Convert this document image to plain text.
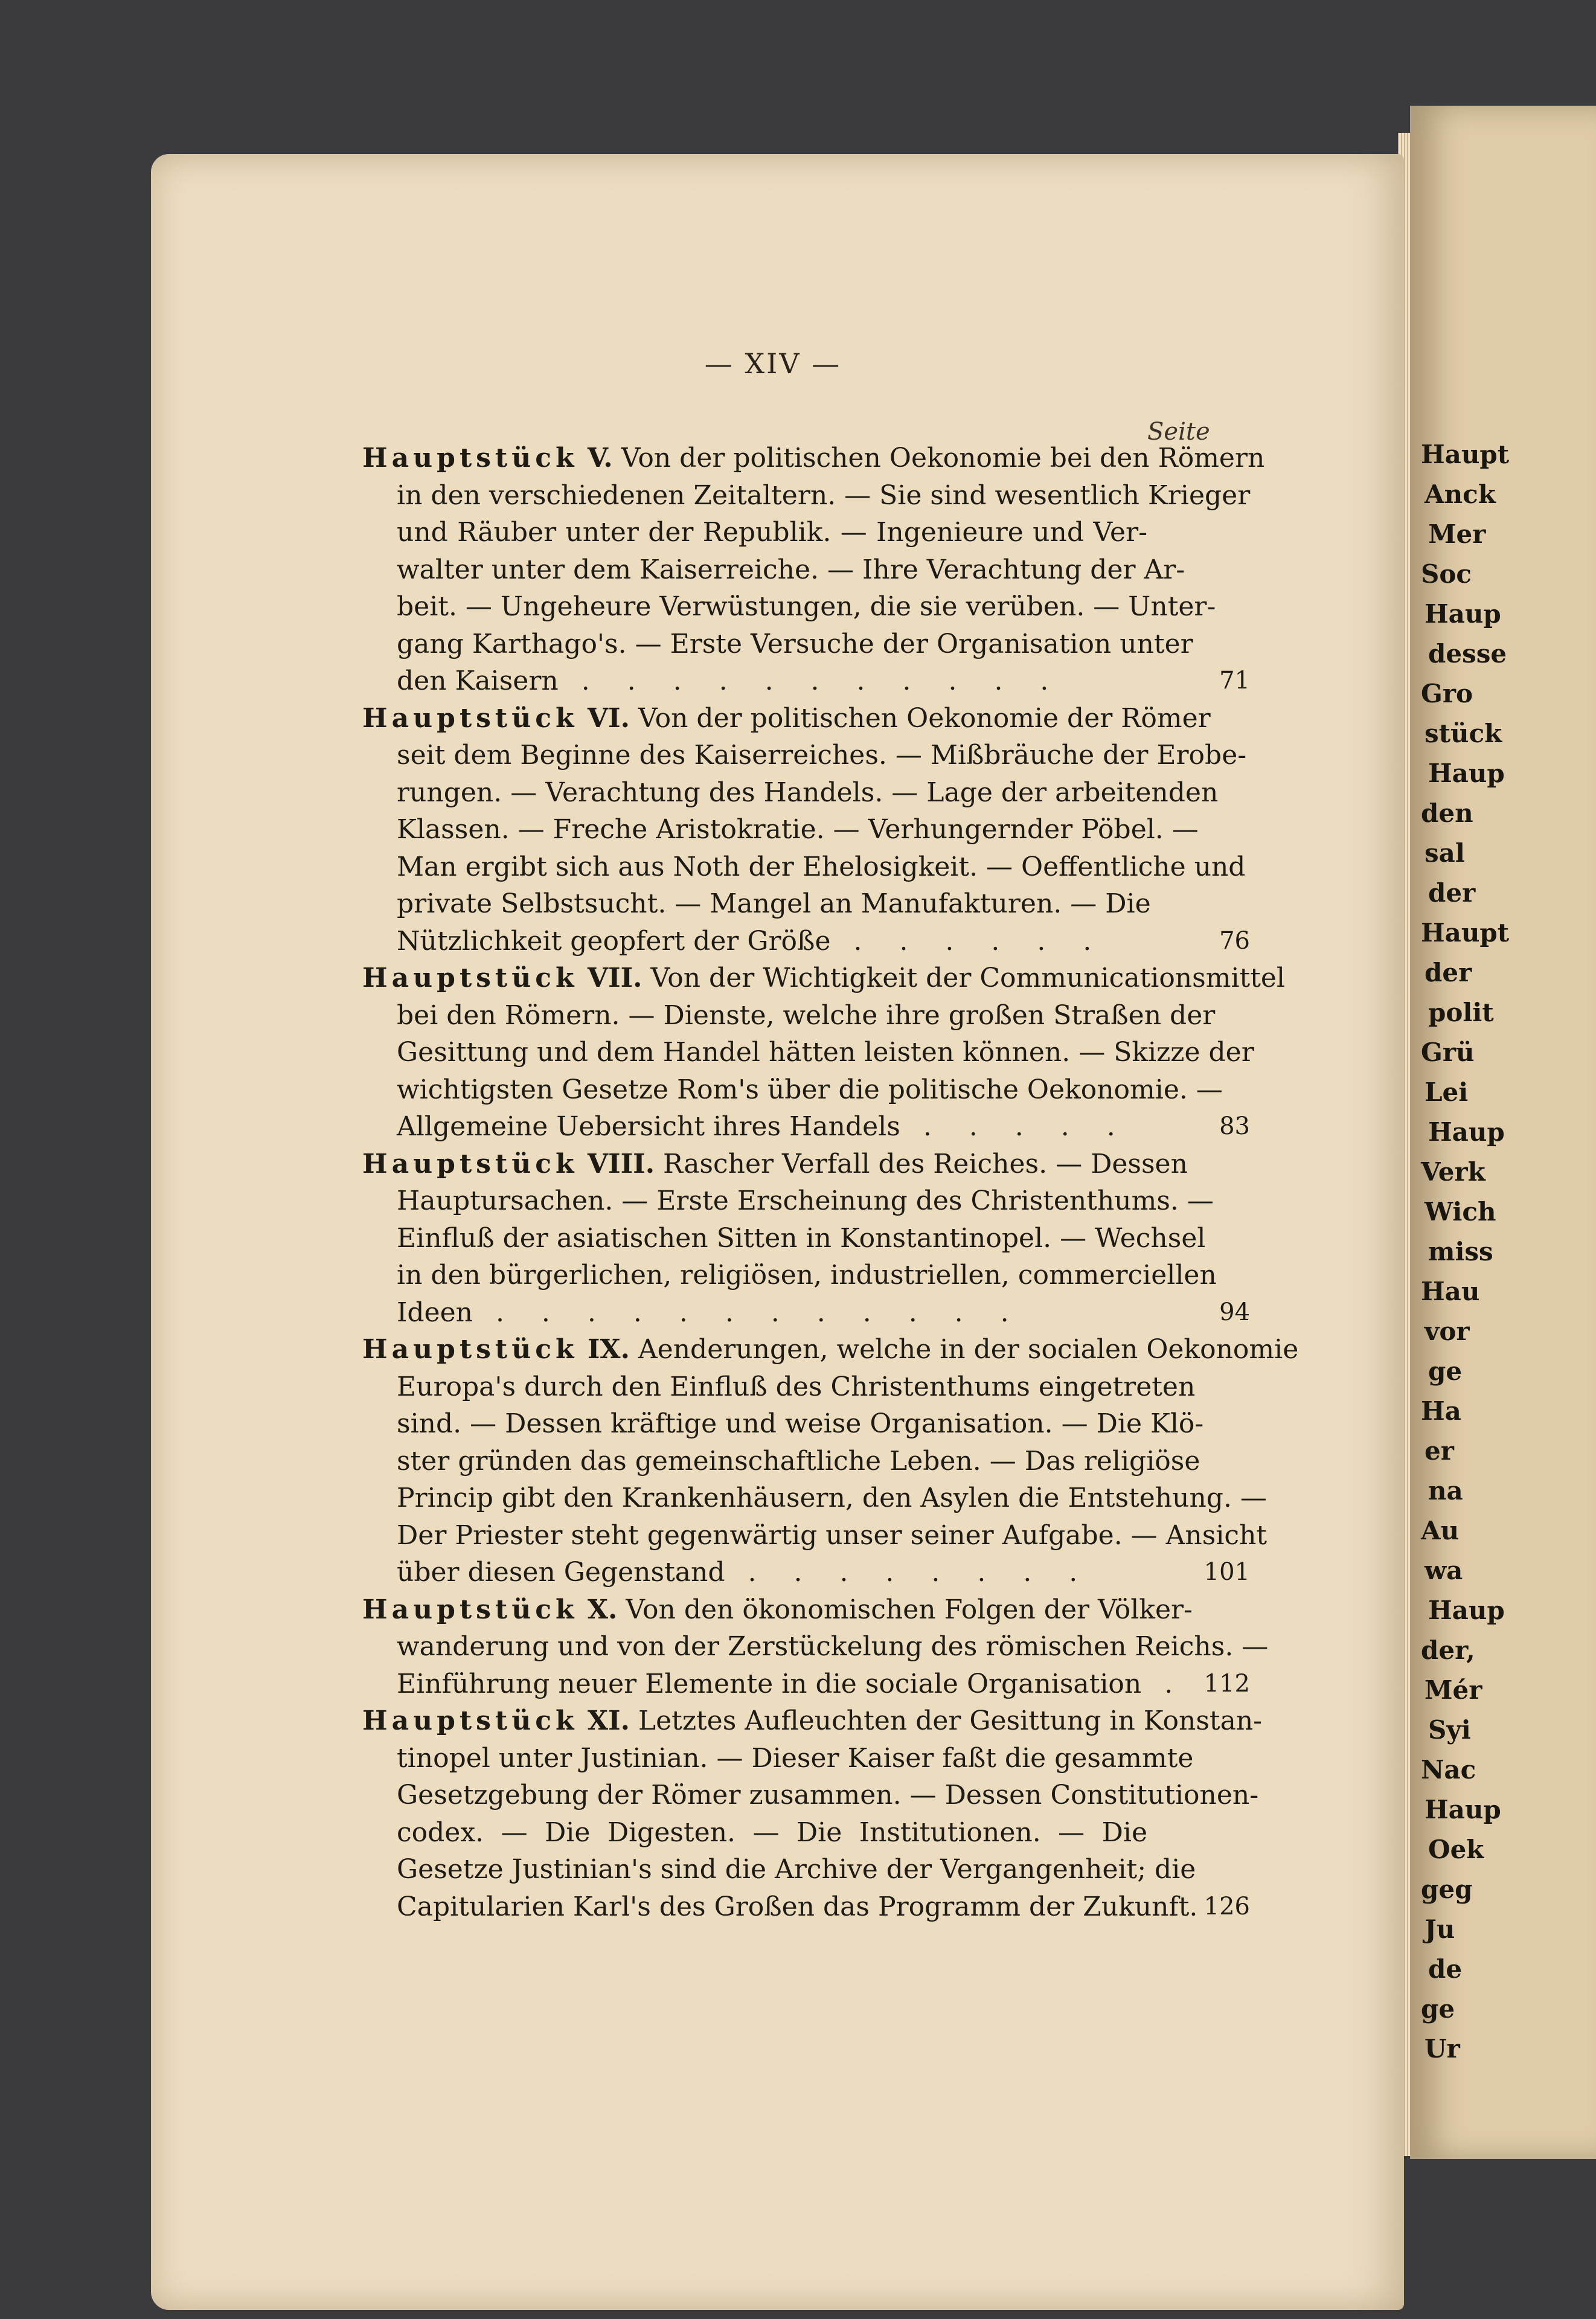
Haupt
Anck
Mer
Soc
Haup
desse
Gro
stück
Haup
den
sal
der
Haupt
der
polit
Grü
Lei
Haup
Verk
Wich
miss
Hau
vor
ge
Ha
er
na
Au
wa
Haup
der,
Mér
Syi
Nac
Haup
Oek
geg
Ju
de
ge
Ur
— XIV —
Seite
Hauptstück V. Von der politischen Oekonomie bei den Römern
in den verschiedenen Zeitaltern. — Sie sind wesentlich Krieger
und Räuber unter der Republik. — Ingenieure und Ver-
walter unter dem Kaiserreiche. — Ihre Verachtung der Ar-
beit. — Ungeheure Verwüstungen, die sie verüben. — Unter-
gang Karthago's. — Erste Versuche der Organisation unter
den Kaisern . . . . . . . . . . .	71
Hauptstück VI. Von der politischen Oekonomie der Römer
seit dem Beginne des Kaiserreiches. — Mißbräuche der Erobe-
rungen. — Verachtung des Handels. — Lage der arbeitenden
Klassen. — Freche Aristokratie. — Verhungernder Pöbel. —
Man ergibt sich aus Noth der Ehelosigkeit. — Oeffentliche und
private Selbstsucht. — Mangel an Manufakturen. — Die
Nützlichkeit geopfert der Größe . . . . . .	76
Hauptstück VII. Von der Wichtigkeit der Communicationsmittel
bei den Römern. — Dienste, welche ihre großen Straßen der
Gesittung und dem Handel hätten leisten können. — Skizze der
wichtigsten Gesetze Rom's über die politische Oekonomie. —
Allgemeine Uebersicht ihres Handels . . . . .	83
Hauptstück VIII. Rascher Verfall des Reiches. — Dessen
Hauptursachen. — Erste Erscheinung des Christenthums. —
Einfluß der asiatischen Sitten in Konstantinopel. — Wechsel
in den bürgerlichen, religiösen, industriellen, commerciellen
Ideen . . . . . . . . . . . .	94
Hauptstück IX. Aenderungen, welche in der socialen Oekonomie
Europa's durch den Einfluß des Christenthums eingetreten
sind. — Dessen kräftige und weise Organisation. — Die Klö-
ster gründen das gemeinschaftliche Leben. — Das religiöse
Princip gibt den Krankenhäusern, den Asylen die Entstehung. —
Der Priester steht gegenwärtig unser seiner Aufgabe. — Ansicht
über diesen Gegenstand . . . . . . . .	101
Hauptstück X. Von den ökonomischen Folgen der Völker-
wanderung und von der Zerstückelung des römischen Reichs. —
Einführung neuer Elemente in die sociale Organisation . 112
Hauptstück XI. Letztes Aufleuchten der Gesittung in Konstan-
tinopel unter Justinian. — Dieser Kaiser faßt die gesammte
Gesetzgebung der Römer zusammen. — Dessen Constitutionen-
codex. — Die Digesten. — Die Institutionen. — Die
Gesetze Justinian's sind die Archive der Vergangenheit; die
Capitularien Karl's des Großen das Programm der Zukunft. 126
